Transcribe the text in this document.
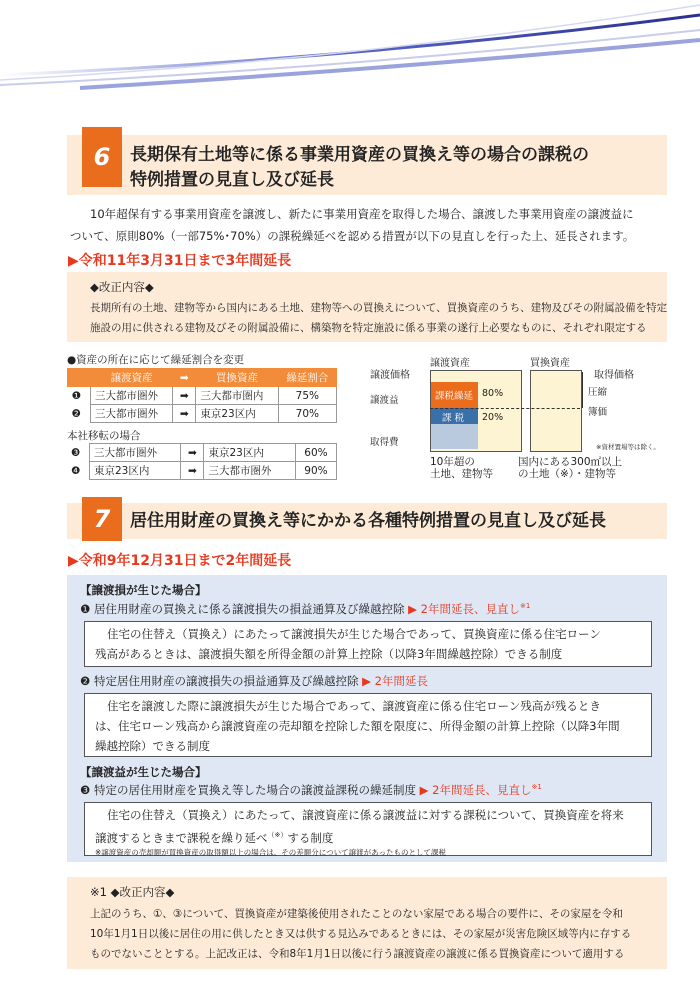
6	長期保有土地等に係る事業用資産の買換え等の場合の課税の
特例措置の見直し及び延長
10年超保有する事業用資産を譲渡し、新たに事業用資産を取得した場合、譲渡した事業用資産の譲渡益に
ついて、原則80%（一部75%･70%）の課税繰延べを認める措置が以下の見直しを行った上、延長されます。
▶令和11年3月31日まで3年間延長
◆改正内容◆
長期所有の土地、建物等から国内にある土地、建物等への買換えについて、買換資産のうち、建物及びその附属設備を特定
施設の用に供される建物及びその附属設備に、構築物を特定施設に係る事業の遂行上必要なものに、それぞれ限定する
●資産の所在に応じて繰延割合を変更
	譲渡資産	➡	買換資産	繰延割合
❶	三大都市圏外	➡	三大都市圏内	75%
❷	三大都市圏外	➡	東京23区内	70%
本社移転の場合
❸	三大都市圏外	➡	東京23区内	60%
❹	東京23区内	➡	三大都市圏外	90%
譲渡資産	買換資産
譲渡価格	取得価格
譲渡益
取得費
課税繰延
課 税
80%
20%
圧縮
簿価
※資材置場等は除く。
10年超の
土地、建物等
国内にある300㎡以上
の土地（※）・建物等
7	居住用財産の買換え等にかかる各種特例措置の見直し及び延長
▶令和9年12月31日まで2年間延長
【譲渡損が生じた場合】
❶ 居住用財産の買換えに係る譲渡損失の損益通算及び繰越控除 ▶ 2年間延長、見直し$^{※1}$
住宅の住替え（買換え）にあたって譲渡損失が生じた場合であって、買換資産に係る住宅ローン
残高があるときは、譲渡損失額を所得金額の計算上控除（以降3年間繰越控除）できる制度
❷ 特定居住用財産の譲渡損失の損益通算及び繰越控除 ▶ 2年間延長
住宅を譲渡した際に譲渡損失が生じた場合であって、譲渡資産に係る住宅ローン残高が残るとき
は、住宅ローン残高から譲渡資産の売却額を控除した額を限度に、所得金額の計算上控除（以降3年間
繰越控除）できる制度
【譲渡益が生じた場合】
❸ 特定の居住用財産を買換え等した場合の譲渡益課税の繰延制度 ▶ 2年間延長、見直し$^{※1}$
住宅の住替え（買換え）にあたって、譲渡資産に係る譲渡益に対する課税について、買換資産を将来
譲渡するときまで課税を繰り延べ（※）する制度
※譲渡資産の売却額が買換資産の取得額以上の場合は、その差額分について譲渡があったものとして課税
※1 ◆改正内容◆
上記のうち、①、③について、買換資産が建築後使用されたことのない家屋である場合の要件に、その家屋を令和
10年1月1日以後に居住の用に供したとき又は供する見込みであるときには、その家屋が災害危険区域等内に存する
ものでないこととする。上記改正は、令和8年1月1日以後に行う譲渡資産の譲渡に係る買換資産について適用する
